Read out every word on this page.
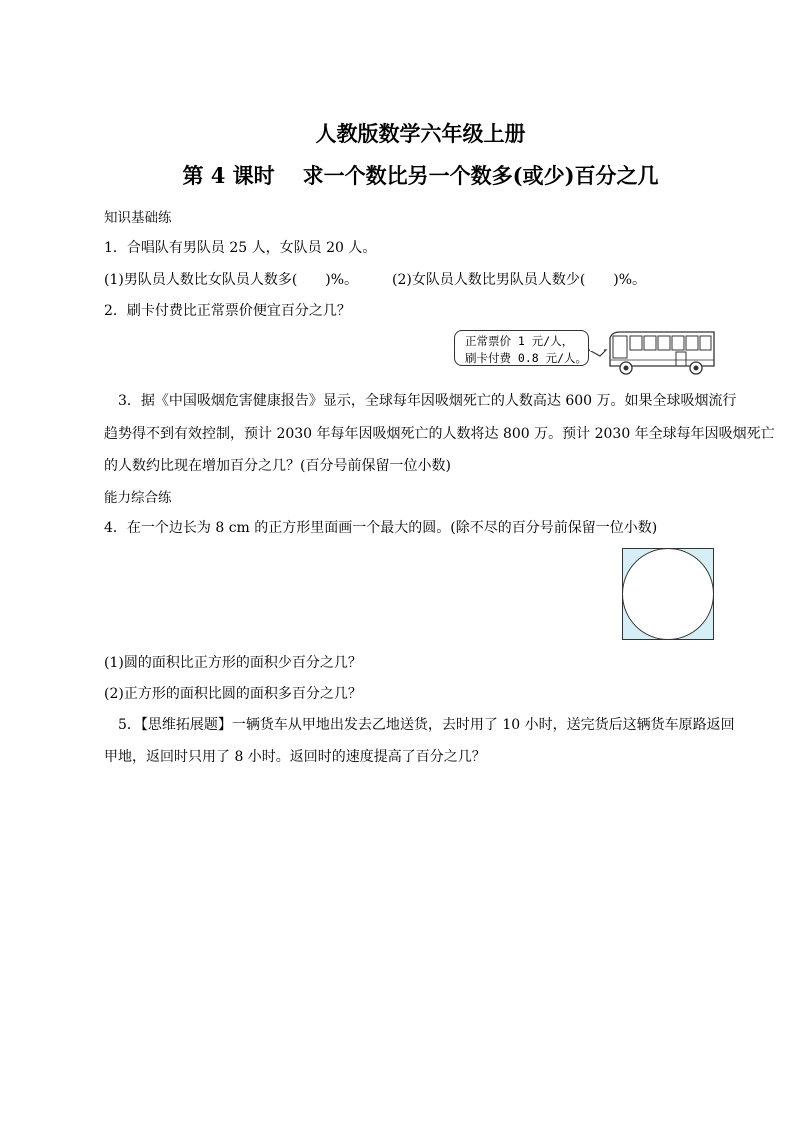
人教版数学六年级上册
第 4 课时 求一个数比另一个数多(或少)百分之几
知识基础练
1．合唱队有男队员 25 人，女队员 20 人。
(1)男队员人数比女队员人数多(　　)%。 (2)女队员人数比男队员人数少(　　)%。
2．刷卡付费比正常票价便宜百分之几？
正常票价 1 元/人，
刷卡付费 0.8 元/人。
3．据《中国吸烟危害健康报告》显示，全球每年因吸烟死亡的人数高达 600 万。如果全球吸烟流行
趋势得不到有效控制，预计 2030 年每年因吸烟死亡的人数将达 800 万。预计 2030 年全球每年因吸烟死亡
的人数约比现在增加百分之几？(百分号前保留一位小数)
能力综合练
4．在一个边长为 8 cm 的正方形里面画一个最大的圆。(除不尽的百分号前保留一位小数)
(1)圆的面积比正方形的面积少百分之几？
(2)正方形的面积比圆的面积多百分之几？
5．【思维拓展题】一辆货车从甲地出发去乙地送货，去时用了 10 小时，送完货后这辆货车原路返回
甲地，返回时只用了 8 小时。返回时的速度提高了百分之几？
